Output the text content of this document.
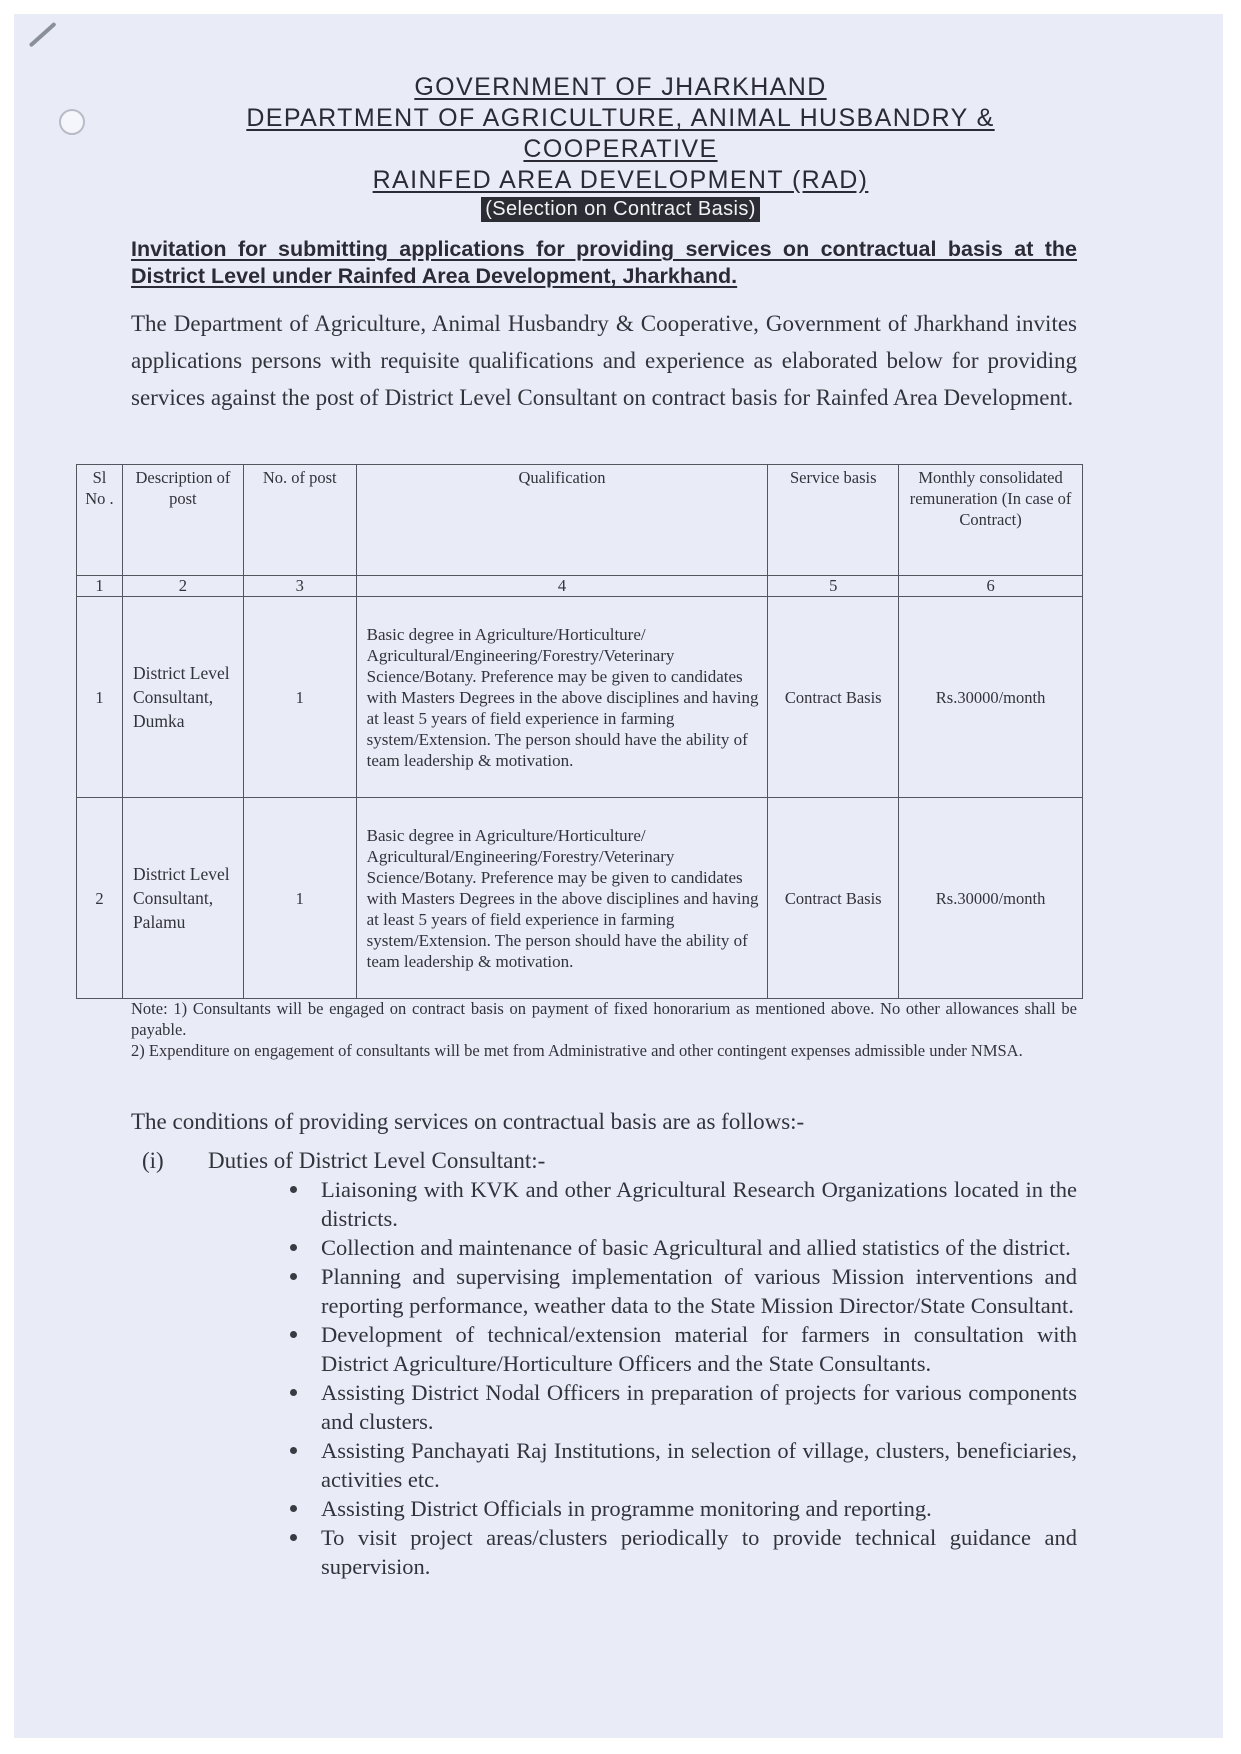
GOVERNMENT OF JHARKHAND
DEPARTMENT OF AGRICULTURE, ANIMAL HUSBANDRY &
COOPERATIVE
RAINFED AREA DEVELOPMENT (RAD)
(Selection on Contract Basis)
Invitation for submitting applications for providing services on contractual basis at the District Level under Rainfed Area Development, Jharkhand.
The Department of Agriculture, Animal Husbandry & Cooperative, Government of Jharkhand invites applications persons with requisite qualifications and experience as elaborated below for providing services against the post of District Level Consultant on contract basis for Rainfed Area Development.
Sl No .	Description of post	No. of post	Qualification	Service basis	Monthly consolidated remuneration (In case of Contract)
1	2	3	4	5	6
1	District Level Consultant, Dumka	1	Basic degree in Agriculture/Horticulture/ Agricultural/Engineering/Forestry/Veterinary Science/Botany. Preference may be given to candidates with Masters Degrees in the above disciplines and having at least 5 years of field experience in farming system/Extension. The person should have the ability of team leadership & motivation.	Contract Basis	Rs.30000/month
2	District Level Consultant, Palamu	1	Basic degree in Agriculture/Horticulture/ Agricultural/Engineering/Forestry/Veterinary Science/Botany. Preference may be given to candidates with Masters Degrees in the above disciplines and having at least 5 years of field experience in farming system/Extension. The person should have the ability of team leadership & motivation.	Contract Basis	Rs.30000/month
Note: 1) Consultants will be engaged on contract basis on payment of fixed honorarium as mentioned above. No other allowances shall be payable.
2) Expenditure on engagement of consultants will be met from Administrative and other contingent expenses admissible under NMSA.
The conditions of providing services on contractual basis are as follows:-
(i) Duties of District Level Consultant:-
Liaisoning with KVK and other Agricultural Research Organizations located in the districts.
Collection and maintenance of basic Agricultural and allied statistics of the district.
Planning and supervising implementation of various Mission interventions and reporting performance, weather data to the State Mission Director/State Consultant.
Development of technical/extension material for farmers in consultation with District Agriculture/Horticulture Officers and the State Consultants.
Assisting District Nodal Officers in preparation of projects for various components and clusters.
Assisting Panchayati Raj Institutions, in selection of village, clusters, beneficiaries, activities etc.
Assisting District Officials in programme monitoring and reporting.
To visit project areas/clusters periodically to provide technical guidance and supervision.
